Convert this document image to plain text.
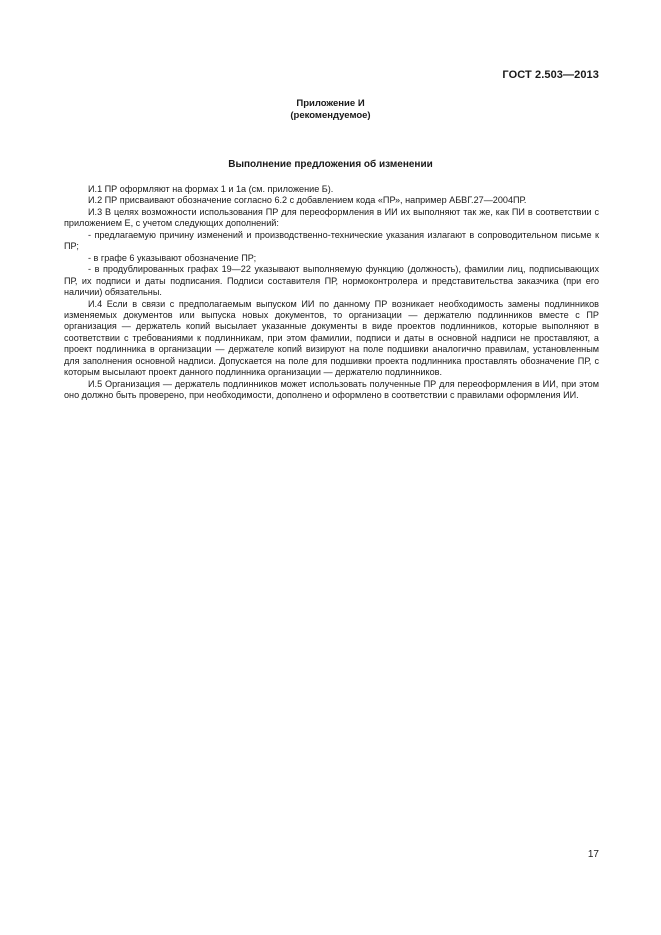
ГОСТ 2.503—2013
Приложение И
(рекомендуемое)
Выполнение предложения об изменении

И.1 ПР оформляют на формах 1 и 1а (см. приложение Б).

И.2 ПР присваивают обозначение согласно 6.2 с добавлением кода «ПР», например АБВГ.27—2004ПР.

И.3 В целях возможности использования ПР для переоформления в ИИ их выполняют так же, как ПИ в соответствии с приложением Е, с учетом следующих дополнений:

- предлагаемую причину изменений и производственно-технические указания излагают в сопроводительном письме к ПР;

- в графе 6 указывают обозначение ПР;

- в продублированных графах 19—22 указывают выполняемую функцию (должность), фамилии лиц, подписывающих ПР, их подписи и даты подписания. Подписи составителя ПР, нормоконтролера и представительства заказчика (при его наличии) обязательны.

И.4 Если в связи с предполагаемым выпуском ИИ по данному ПР возникает необходимость замены подлинников изменяемых документов или выпуска новых документов, то организации — держателю подлинников вместе с ПР организация — держатель копий высылает указанные документы в виде проектов подлинников, которые выполняют в соответствии с требованиями к подлинникам, при этом фамилии, подписи и даты в основной надписи не проставляют, а проект подлинника в организации — держателе копий визируют на поле подшивки аналогично правилам, установленным для заполнения основной надписи. Допускается на поле для подшивки проекта подлинника проставлять обозначение ПР, с которым высылают проект данного подлинника организации — держателю подлинников.

И.5 Организация — держатель подлинников может использовать полученные ПР для переоформления в ИИ, при этом оно должно быть проверено, при необходимости, дополнено и оформлено в соответствии с правилами оформления ИИ.

17
